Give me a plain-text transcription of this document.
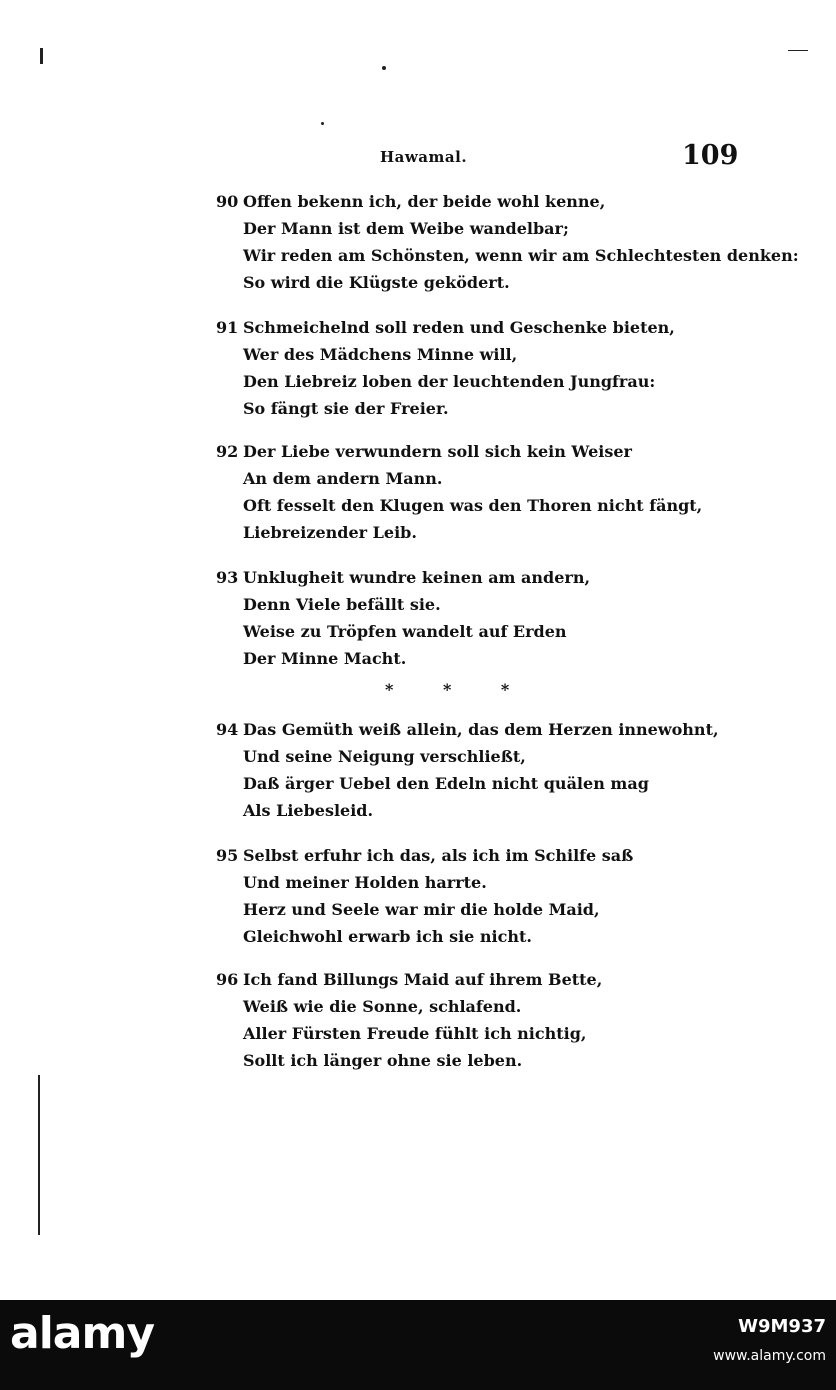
Hawamal.	109
90 Offen bekenn ich, der beide wohl kenne,
Der Mann ist dem Weibe wandelbar;
Wir reden am Schönsten, wenn wir am Schlechtesten denken:
So wird die Klügste geködert.
91 Schmeichelnd soll reden und Geschenke bieten,
Wer des Mädchens Minne will,
Den Liebreiz loben der leuchtenden Jungfrau:
So fängt sie der Freier.
92 Der Liebe verwundern soll sich kein Weiser
An dem andern Mann.
Oft fesselt den Klugen was den Thoren nicht fängt,
Liebreizender Leib.
93 Unklugheit wundre keinen am andern,
Denn Viele befällt sie.
Weise zu Tröpfen wandelt auf Erden
Der Minne Macht.
* * *
94 Das Gemüth weiß allein, das dem Herzen innewohnt,
Und seine Neigung verschließt,
Daß ärger Uebel den Edeln nicht quälen mag
Als Liebesleid.
95 Selbst erfuhr ich das, als ich im Schilfe saß
Und meiner Holden harrte.
Herz und Seele war mir die holde Maid,
Gleichwohl erwarb ich sie nicht.
96 Ich fand Billungs Maid auf ihrem Bette,
Weiß wie die Sonne, schlafend.
Aller Fürsten Freude fühlt ich nichtig,
Sollt ich länger ohne sie leben.
alamy	W9M937
www.alamy.com
